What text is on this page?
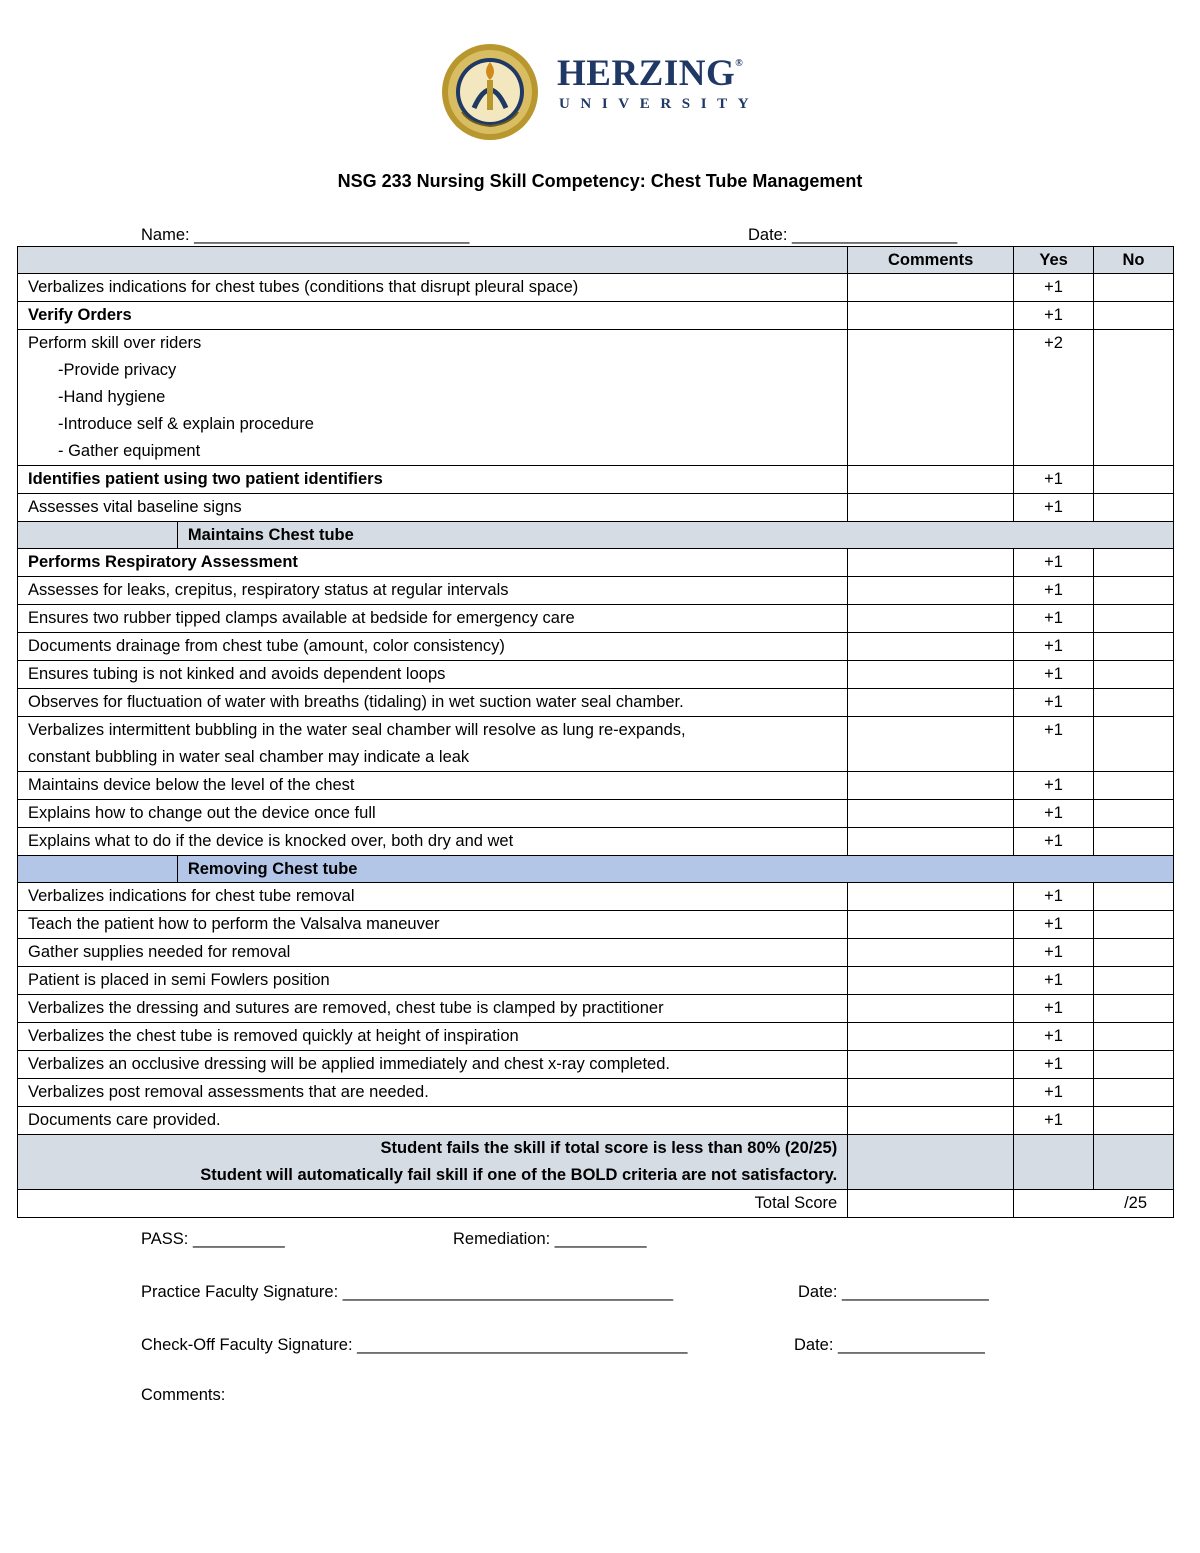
HERZING®
UNIVERSITY
NSG 233 Nursing Skill Competency: Chest Tube Management
Name: ______________________________	Date: __________________
		Comments	Yes	No
Verbalizes indications for chest tubes (conditions that disrupt pleural space)			+1	
Verify Orders			+1	

Perform skill over riders
-Provide privacy
-Hand hygiene
-Introduce self & explain procedure
- Gather equipment			+2	
Identifies patient using two patient identifiers			+1	
Assesses vital baseline signs			+1	
	Maintains Chest tube			
Performs Respiratory Assessment			+1	
Assesses for leaks, crepitus, respiratory status at regular intervals			+1	
Ensures two rubber tipped clamps available at bedside for emergency care			+1	
Documents drainage from chest tube (amount, color consistency)			+1	
Ensures tubing is not kinked and avoids dependent loops			+1	
Observes for fluctuation of water with breaths (tidaling) in wet suction water seal chamber.			+1	

Verbalizes intermittent bubbling in the water seal chamber will resolve as lung re-expands,
constant bubbling in water seal chamber may indicate a leak			+1	
Maintains device below the level of the chest			+1	
Explains how to change out the device once full			+1	
Explains what to do if the device is knocked over, both dry and wet			+1	
	Removing Chest tube			
Verbalizes indications for chest tube removal			+1	
Teach the patient how to perform the Valsalva maneuver			+1	
Gather supplies needed for removal			+1	
Patient is placed in semi Fowlers position			+1	
Verbalizes the dressing and sutures are removed, chest tube is clamped by practitioner			+1	
Verbalizes the chest tube is removed quickly at height of inspiration			+1	
Verbalizes an occlusive dressing will be applied immediately and chest x-ray completed.			+1	
Verbalizes post removal assessments that are needed.			+1	
Documents care provided.			+1	

Student fails the skill if total score is less than 80% (20/25)
Student will automatically fail skill if one of the BOLD criteria are not satisfactory.				

Total Score			/25	
PASS: __________	Remediation: __________
Practice Faculty Signature: ____________________________________	Date: ________________
Check-Off Faculty Signature: ____________________________________	Date: ________________
Comments:
